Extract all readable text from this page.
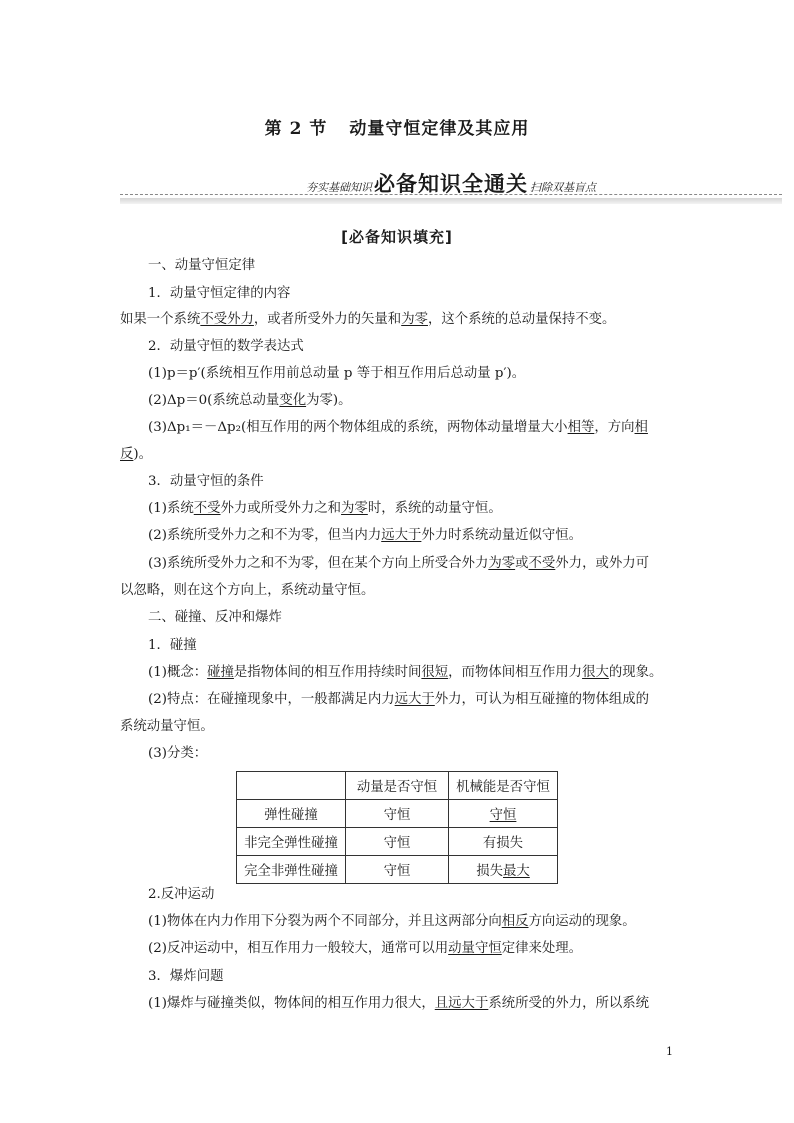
第 2 节 动量守恒定律及其应用
夯实基础知识必备知识全通关 扫除双基盲点
[必备知识填充]
一、动量守恒定律
1．动量守恒定律的内容
如果一个系统不受外力，或者所受外力的矢量和为零，这个系统的总动量保持不变。
2．动量守恒的数学表达式
(1)p＝p′(系统相互作用前总动量 p 等于相互作用后总动量 p′)。
(2)Δp＝0(系统总动量变化为零)。
(3)Δp₁＝－Δp₂(相互作用的两个物体组成的系统，两物体动量增量大小相等，方向相
反)。
3．动量守恒的条件
(1)系统不受外力或所受外力之和为零时，系统的动量守恒。
(2)系统所受外力之和不为零，但当内力远大于外力时系统动量近似守恒。
(3)系统所受外力之和不为零，但在某个方向上所受合外力为零或不受外力，或外力可
以忽略，则在这个方向上，系统动量守恒。
二、碰撞、反冲和爆炸
1．碰撞
(1)概念：碰撞是指物体间的相互作用持续时间很短，而物体间相互作用力很大的现象。
(2)特点：在碰撞现象中，一般都满足内力远大于外力，可认为相互碰撞的物体组成的
系统动量守恒。
(3)分类：
	动量是否守恒	机械能是否守恒
弹性碰撞	守恒	守恒
非完全弹性碰撞	守恒	有损失
完全非弹性碰撞	守恒	损失最大
2.反冲运动
(1)物体在内力作用下分裂为两个不同部分，并且这两部分向相反方向运动的现象。
(2)反冲运动中，相互作用力一般较大，通常可以用动量守恒定律来处理。
3．爆炸问题
(1)爆炸与碰撞类似，物体间的相互作用力很大，且远大于系统所受的外力，所以系统
1
